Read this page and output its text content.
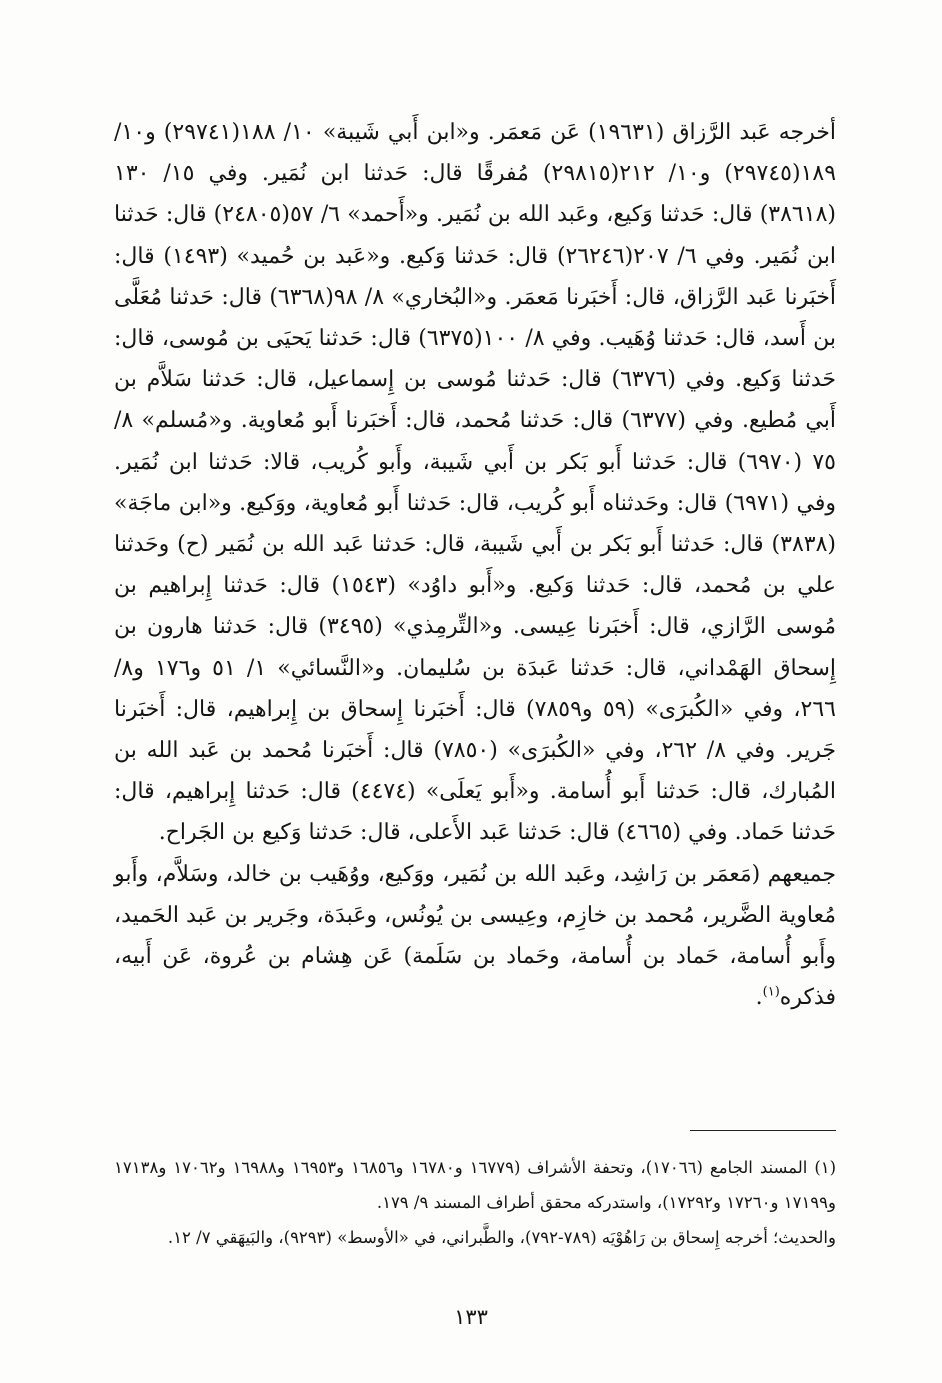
أخرجه عَبد الرَّزاق (١٩٦٣١) عَن مَعمَر. و«ابن أَبي شَيبة» ١٠/ ١٨٨(٢٩٧٤١) و١٠/ ١٨٩(٢٩٧٤٥) و١٠/ ٢١٢(٢٩٨١٥) مُفرقًا قال: حَدثنا ابن نُمَير. وفي ١٥/ ١٣٠ (٣٨٦١٨) قال: حَدثنا وَكيع، وعَبد الله بن نُمَير. و«أَحمد» ٦/ ٥٧(٢٤٨٠٥) قال: حَدثنا ابن نُمَير. وفي ٦/ ٢٠٧(٢٦٢٤٦) قال: حَدثنا وَكيع. و«عَبد بن حُميد» (١٤٩٣) قال: أَخبَرنا عَبد الرَّزاق، قال: أَخبَرنا مَعمَر. و«البُخاري» ٨/ ٩٨(٦٣٦٨) قال: حَدثنا مُعَلَّى بن أَسد، قال: حَدثنا وُهَيب. وفي ٨/ ١٠٠(٦٣٧٥) قال: حَدثنا يَحيَى بن مُوسى، قال: حَدثنا وَكيع. وفي (٦٣٧٦) قال: حَدثنا مُوسى بن إِسماعيل، قال: حَدثنا سَلاَّم بن أَبي مُطيع. وفي (٦٣٧٧) قال: حَدثنا مُحمد، قال: أَخبَرنا أَبو مُعاوية. و«مُسلم» ٨/ ٧٥ (٦٩٧٠) قال: حَدثنا أَبو بَكر بن أَبي شَيبة، وأَبو كُريب، قالا: حَدثنا ابن نُمَير. وفي (٦٩٧١) قال: وحَدثناه أَبو كُريب، قال: حَدثنا أَبو مُعاوية، ووَكيع. و«ابن ماجَة» (٣٨٣٨) قال: حَدثنا أَبو بَكر بن أَبي شَيبة، قال: حَدثنا عَبد الله بن نُمَير (ح) وحَدثنا علي بن مُحمد، قال: حَدثنا وَكيع. و«أَبو داوُد» (١٥٤٣) قال: حَدثنا إِبراهيم بن مُوسى الرَّازي، قال: أَخبَرنا عِيسى. و«التِّرمِذي» (٣٤٩٥) قال: حَدثنا هارون بن إِسحاق الهَمْداني، قال: حَدثنا عَبدَة بن سُليمان. و«النَّسائي» ١/ ٥١ و١٧٦ و٨/ ٢٦٦، وفي «الكُبرَى» (٥٩ و٧٨٥٩) قال: أَخبَرنا إِسحاق بن إِبراهيم، قال: أَخبَرنا جَرير. وفي ٨/ ٢٦٢، وفي «الكُبرَى» (٧٨٥٠) قال: أَخبَرنا مُحمد بن عَبد الله بن المُبارك، قال: حَدثنا أَبو أُسامة. و«أَبو يَعلَى» (٤٤٧٤) قال: حَدثنا إِبراهيم، قال: حَدثنا حَماد. وفي (٤٦٦٥) قال: حَدثنا عَبد الأَعلى، قال: حَدثنا وَكيع بن الجَراح.

جميعهم (مَعمَر بن رَاشِد، وعَبد الله بن نُمَير، ووَكيع، ووُهَيب بن خالد، وسَلاَّم، وأَبو مُعاوية الضَّرير، مُحمد بن خازِم، وعِيسى بن يُونُس، وعَبدَة، وجَرير بن عَبد الحَميد، وأَبو أُسامة، حَماد بن أُسامة، وحَماد بن سَلَمة) عَن هِشام بن عُروة، عَن أَبيه، فذكره$^{(١)}$.

(١) المسند الجامع (١٧٠٦٦)، وتحفة الأشراف (١٦٧٧٩ و١٦٧٨٠ و١٦٨٥٦ و١٦٩٥٣ و١٦٩٨٨ و١٧٠٦٢ و١٧١٣٨ و١٧١٩٩ و١٧٢٦٠ و١٧٢٩٢)، واستدركه محقق أطراف المسند ٩/ ١٧٩.

والحديث؛ أخرجه إِسحاق بن رَاهُوْيَه (٧٨٩-٧٩٢)، والطَّبراني، في «الأوسط» (٩٢٩٣)، والبَيهَقي ٧/ ١٢.

١٣٣
